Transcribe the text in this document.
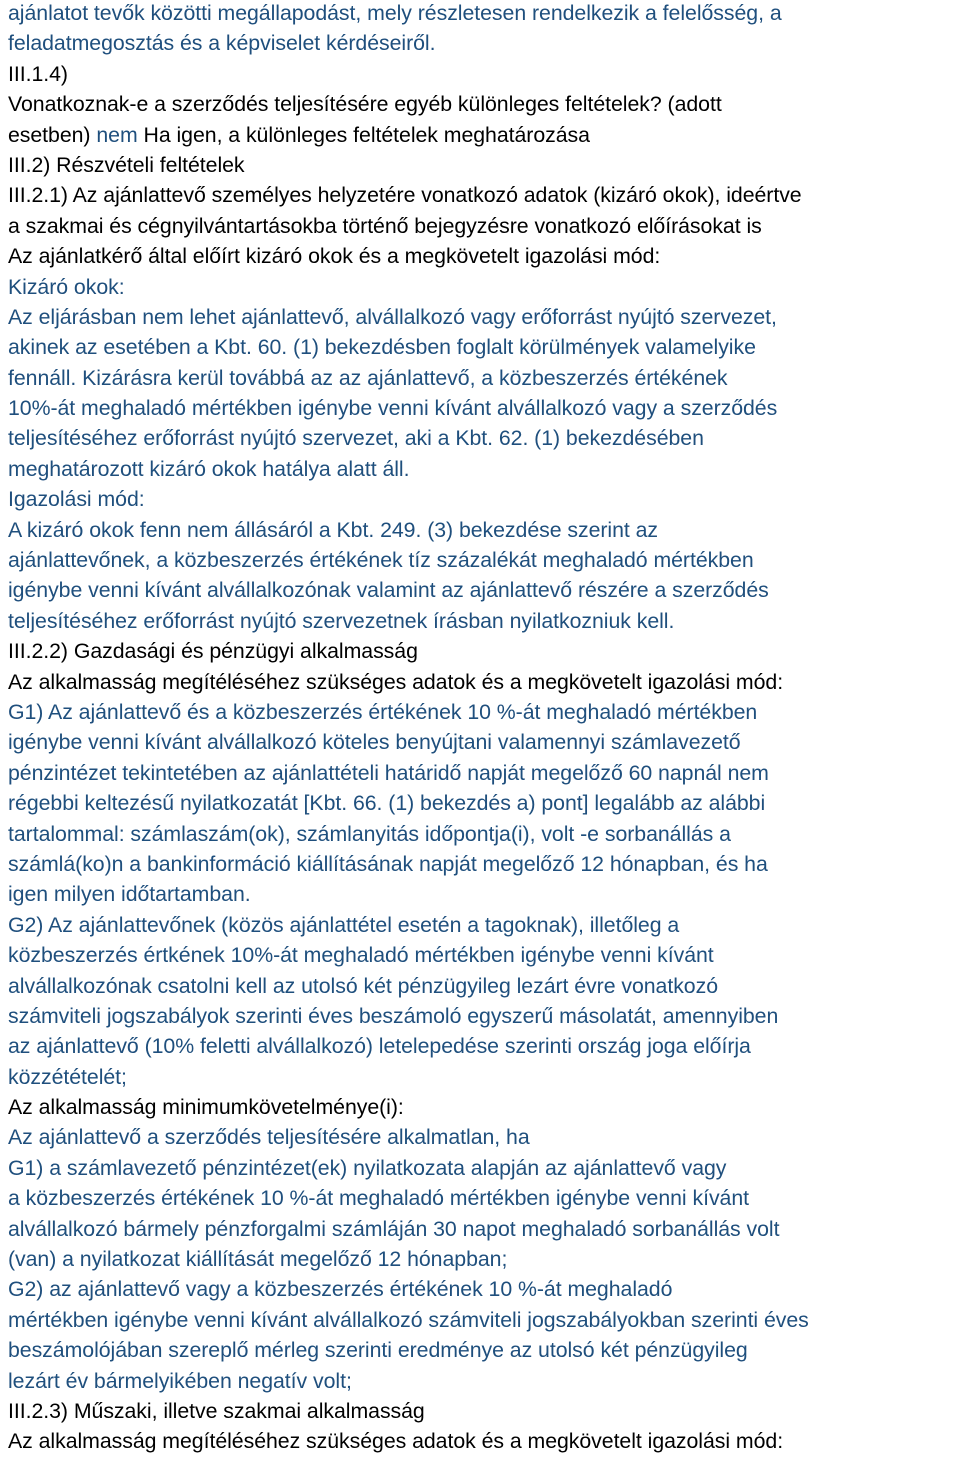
ajánlatot tevők közötti megállapodást, mely részletesen rendelkezik a felelősség, a
feladatmegosztás és a képviselet kérdéseiről.
III.1.4)
Vonatkoznak-e a szerződés teljesítésére egyéb különleges feltételek? (adott
esetben) nem Ha igen, a különleges feltételek meghatározása
III.2) Részvételi feltételek
III.2.1) Az ajánlattevő személyes helyzetére vonatkozó adatok (kizáró okok), ideértve
a szakmai és cégnyilvántartásokba történő bejegyzésre vonatkozó előírásokat is
Az ajánlatkérő által előírt kizáró okok és a megkövetelt igazolási mód:
Kizáró okok:
Az eljárásban nem lehet ajánlattevő, alvállalkozó vagy erőforrást nyújtó szervezet,
akinek az esetében a Kbt. 60. (1) bekezdésben foglalt körülmények valamelyike
fennáll. Kizárásra kerül továbbá az az ajánlattevő, a közbeszerzés értékének
10%-át meghaladó mértékben igénybe venni kívánt alvállalkozó vagy a szerződés
teljesítéséhez erőforrást nyújtó szervezet, aki a Kbt. 62. (1) bekezdésében
meghatározott kizáró okok hatálya alatt áll.
Igazolási mód:
A kizáró okok fenn nem állásáról a Kbt. 249. (3) bekezdése szerint az
ajánlattevőnek, a közbeszerzés értékének tíz százalékát meghaladó mértékben
igénybe venni kívánt alvállalkozónak valamint az ajánlattevő részére a szerződés
teljesítéséhez erőforrást nyújtó szervezetnek írásban nyilatkozniuk kell.
III.2.2) Gazdasági és pénzügyi alkalmasság
Az alkalmasság megítéléséhez szükséges adatok és a megkövetelt igazolási mód:
G1) Az ajánlattevő és a közbeszerzés értékének 10 %-át meghaladó mértékben
igénybe venni kívánt alvállalkozó köteles benyújtani valamennyi számlavezető
pénzintézet tekintetében az ajánlattételi határidő napját megelőző 60 napnál nem
régebbi keltezésű nyilatkozatát [Kbt. 66. (1) bekezdés a) pont] legalább az alábbi
tartalommal: számlaszám(ok), számlanyitás időpontja(i), volt -e sorbanállás a
számlá(ko)n a bankinformáció kiállításának napját megelőző 12 hónapban, és ha
igen milyen időtartamban.
G2) Az ajánlattevőnek (közös ajánlattétel esetén a tagoknak), illetőleg a
közbeszerzés értkének 10%-át meghaladó mértékben igénybe venni kívánt
alvállalkozónak csatolni kell az utolsó két pénzügyileg lezárt évre vonatkozó
számviteli jogszabályok szerinti éves beszámoló egyszerű másolatát, amennyiben
az ajánlattevő (10% feletti alvállalkozó) letelepedése szerinti ország joga előírja
közzétételét;
Az alkalmasság minimumkövetelménye(i):
Az ajánlattevő a szerződés teljesítésére alkalmatlan, ha
G1) a számlavezető pénzintézet(ek) nyilatkozata alapján az ajánlattevő vagy
a közbeszerzés értékének 10 %-át meghaladó mértékben igénybe venni kívánt
alvállalkozó bármely pénzforgalmi számláján 30 napot meghaladó sorbanállás volt
(van) a nyilatkozat kiállítását megelőző 12 hónapban;
G2) az ajánlattevő vagy a közbeszerzés értékének 10 %-át meghaladó
mértékben igénybe venni kívánt alvállalkozó számviteli jogszabályokban szerinti éves
beszámolójában szereplő mérleg szerinti eredménye az utolsó két pénzügyileg
lezárt év bármelyikében negatív volt;
III.2.3) Műszaki, illetve szakmai alkalmasság
Az alkalmasság megítéléséhez szükséges adatok és a megkövetelt igazolási mód:
